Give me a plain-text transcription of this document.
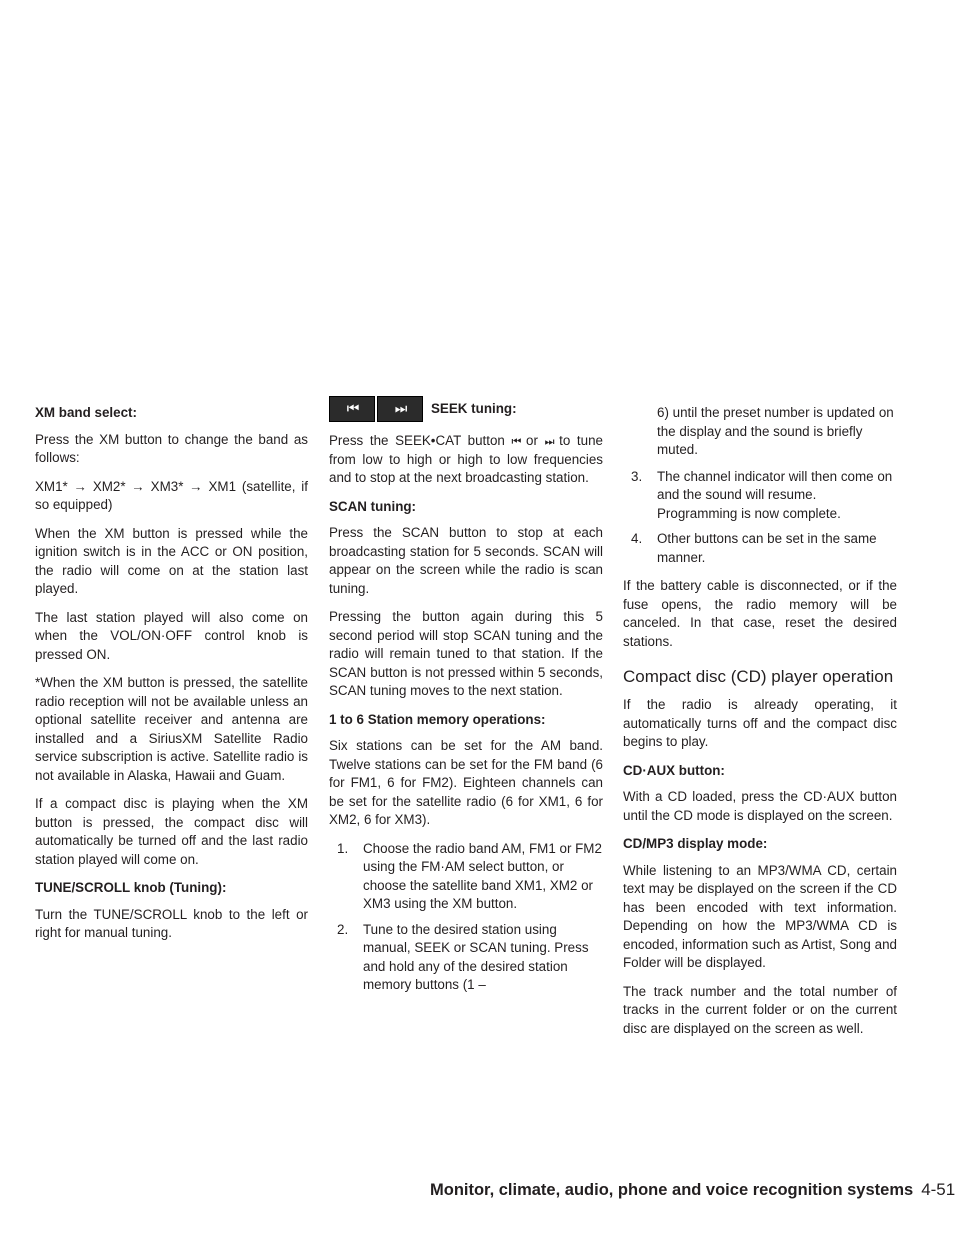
XM band select:

Press the XM button to change the band as follows:

XM1* → XM2* → XM3* → XM1 (satellite, if so equipped)

When the XM button is pressed while the ignition switch is in the ACC or ON position, the radio will come on at the station last played.

The last station played will also come on when the VOL/ON·OFF control knob is pressed ON.

*When the XM button is pressed, the satellite radio reception will not be available unless an optional satellite receiver and antenna are installed and a SiriusXM Satellite Radio service subscription is active. Satellite radio is not available in Alaska, Hawaii and Guam.

If a compact disc is playing when the XM button is pressed, the compact disc will automatically be turned off and the last radio station played will come on.

TUNE/SCROLL knob (Tuning):

Turn the TUNE/SCROLL knob to the left or right for manual tuning.

⏮	⏭	SEEK tuning:

Press the SEEK•CAT button ⏮ or ⏭ to tune from low to high or high to low frequencies and to stop at the next broadcasting station.

SCAN tuning:

Press the SCAN button to stop at each broadcasting station for 5 seconds. SCAN will appear on the screen while the radio is scan tuning.

Pressing the button again during this 5 second period will stop SCAN tuning and the radio will remain tuned to that station. If the SCAN button is not pressed within 5 seconds, SCAN tuning moves to the next station.

1 to 6 Station memory operations:

Six stations can be set for the AM band. Twelve stations can be set for the FM band (6 for FM1, 6 for FM2). Eighteen channels can be set for the satellite radio (6 for XM1, 6 for XM2, 6 for XM3).

1. Choose the radio band AM, FM1 or FM2 using the FM·AM select button, or choose the satellite band XM1, XM2 or XM3 using the XM button.
2. Tune to the desired station using manual, SEEK or SCAN tuning. Press and hold any of the desired station memory buttons (1 –
6) until the preset number is updated on the display and the sound is briefly muted.
3. The channel indicator will then come on and the sound will resume. Programming is now complete.
4. Other buttons can be set in the same manner.

If the battery cable is disconnected, or if the fuse opens, the radio memory will be canceled. In that case, reset the desired stations.

Compact disc (CD) player operation

If the radio is already operating, it automatically turns off and the compact disc begins to play.

CD·AUX button:

With a CD loaded, press the CD·AUX button until the CD mode is displayed on the screen.

CD/MP3 display mode:

While listening to an MP3/WMA CD, certain text may be displayed on the screen if the CD has been encoded with text information. Depending on how the MP3/WMA CD is encoded, information such as Artist, Song and Folder will be displayed.

The track number and the total number of tracks in the current folder or on the current disc are displayed on the screen as well.

Monitor, climate, audio, phone and voice recognition systems 4-51
